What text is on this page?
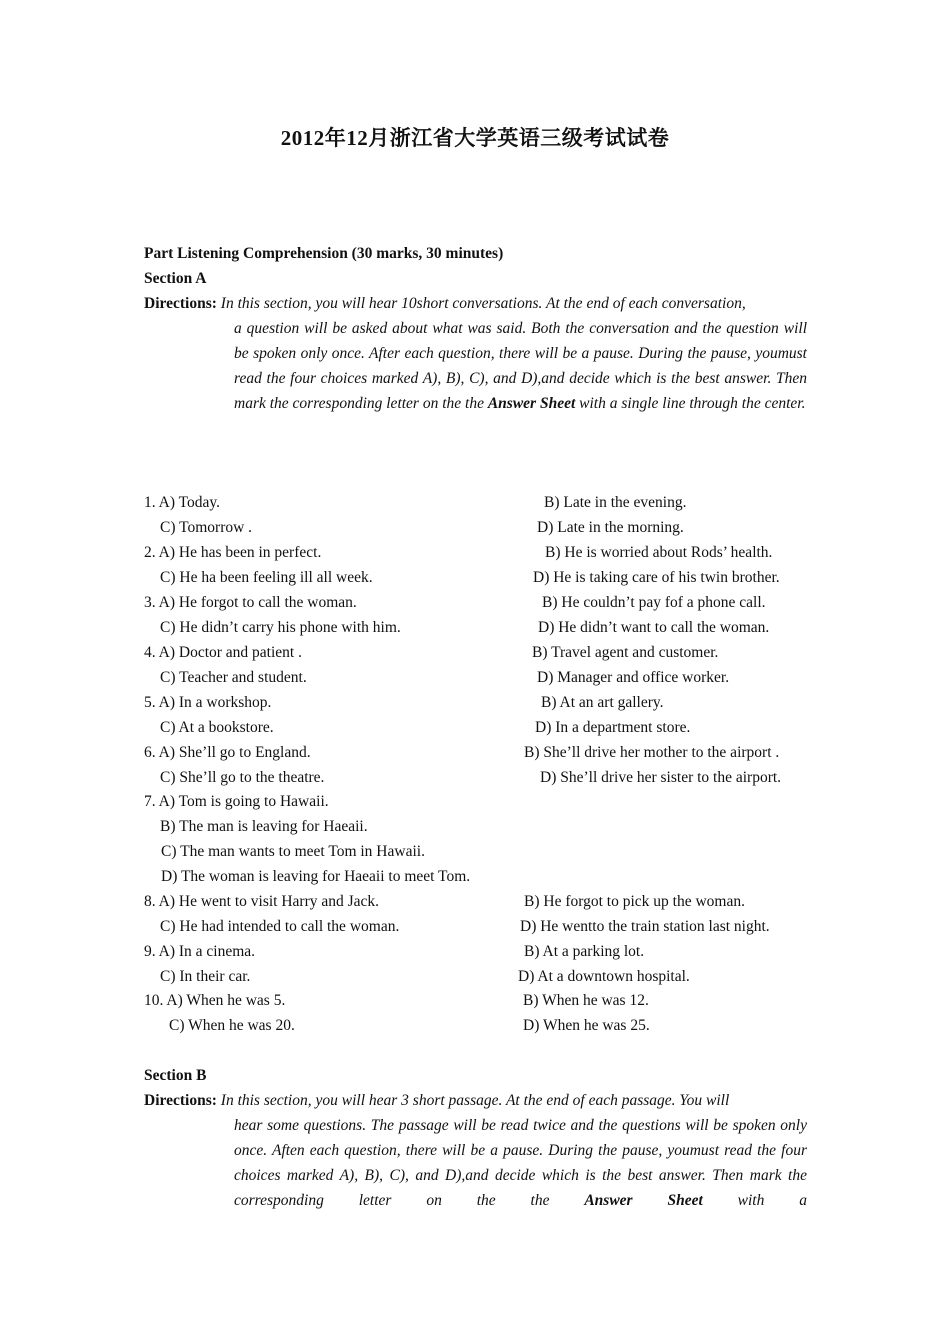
2012年12月浙江省大学英语三级考试试卷
Part Listening Comprehension (30 marks, 30 minutes)
Section A
Directions: In this section, you will hear 10short conversations. At the end of each conversation,
a question will be asked about what was said. Both the conversation and the question will be spoken only once. After each question, there will be a pause. During the pause, youmust read the four choices marked A), B), C), and D),and decide which is the best answer. Then mark the corresponding letter on the the Answer Sheet with a single line through the center.
1. A) Today.	B) Late in the evening.
C) Tomorrow .	D) Late in the morning.
2. A) He has been in perfect.	B) He is worried about Rods’ health.
C) He ha been feeling ill all week.	D) He is taking care of his twin brother.
3. A) He forgot to call the woman.	B) He couldn’t pay fof a phone call.
C) He didn’t carry his phone with him.	D) He didn’t want to call the woman.
4. A) Doctor and patient .	B) Travel agent and customer.
C) Teacher and student.	D) Manager and office worker.
5. A) In a workshop.	B) At an art gallery.
C) At a bookstore.	D) In a department store.
6. A) She’ll go to England.	B) She’ll drive her mother to the airport .
C) She’ll go to the theatre.	D) She’ll drive her sister to the airport.
7. A) Tom is going to Hawaii.
B) The man is leaving for Haeaii.
C) The man wants to meet Tom in Hawaii.
D) The woman is leaving for Haeaii to meet Tom.
8. A) He went to visit Harry and Jack.	B) He forgot to pick up the woman.
C) He had intended to call the woman.	D) He wentto the train station last night.
9. A) In a cinema.	B) At a parking lot.
C) In their car.	D) At a downtown hospital.
10. A) When he was 5.	B) When he was 12.
C) When he was 20.	D) When he was 25.
Section B
Directions: In this section, you will hear 3 short passage. At the end of each passage. You will
hear some questions. The passage will be read twice and the questions will be spoken only once. Aften each question, there will be a pause. During the pause, youmust read the four choices marked A), B), C), and D),and decide which is the best answer. Then mark the corresponding letter on the the Answer Sheet with a
